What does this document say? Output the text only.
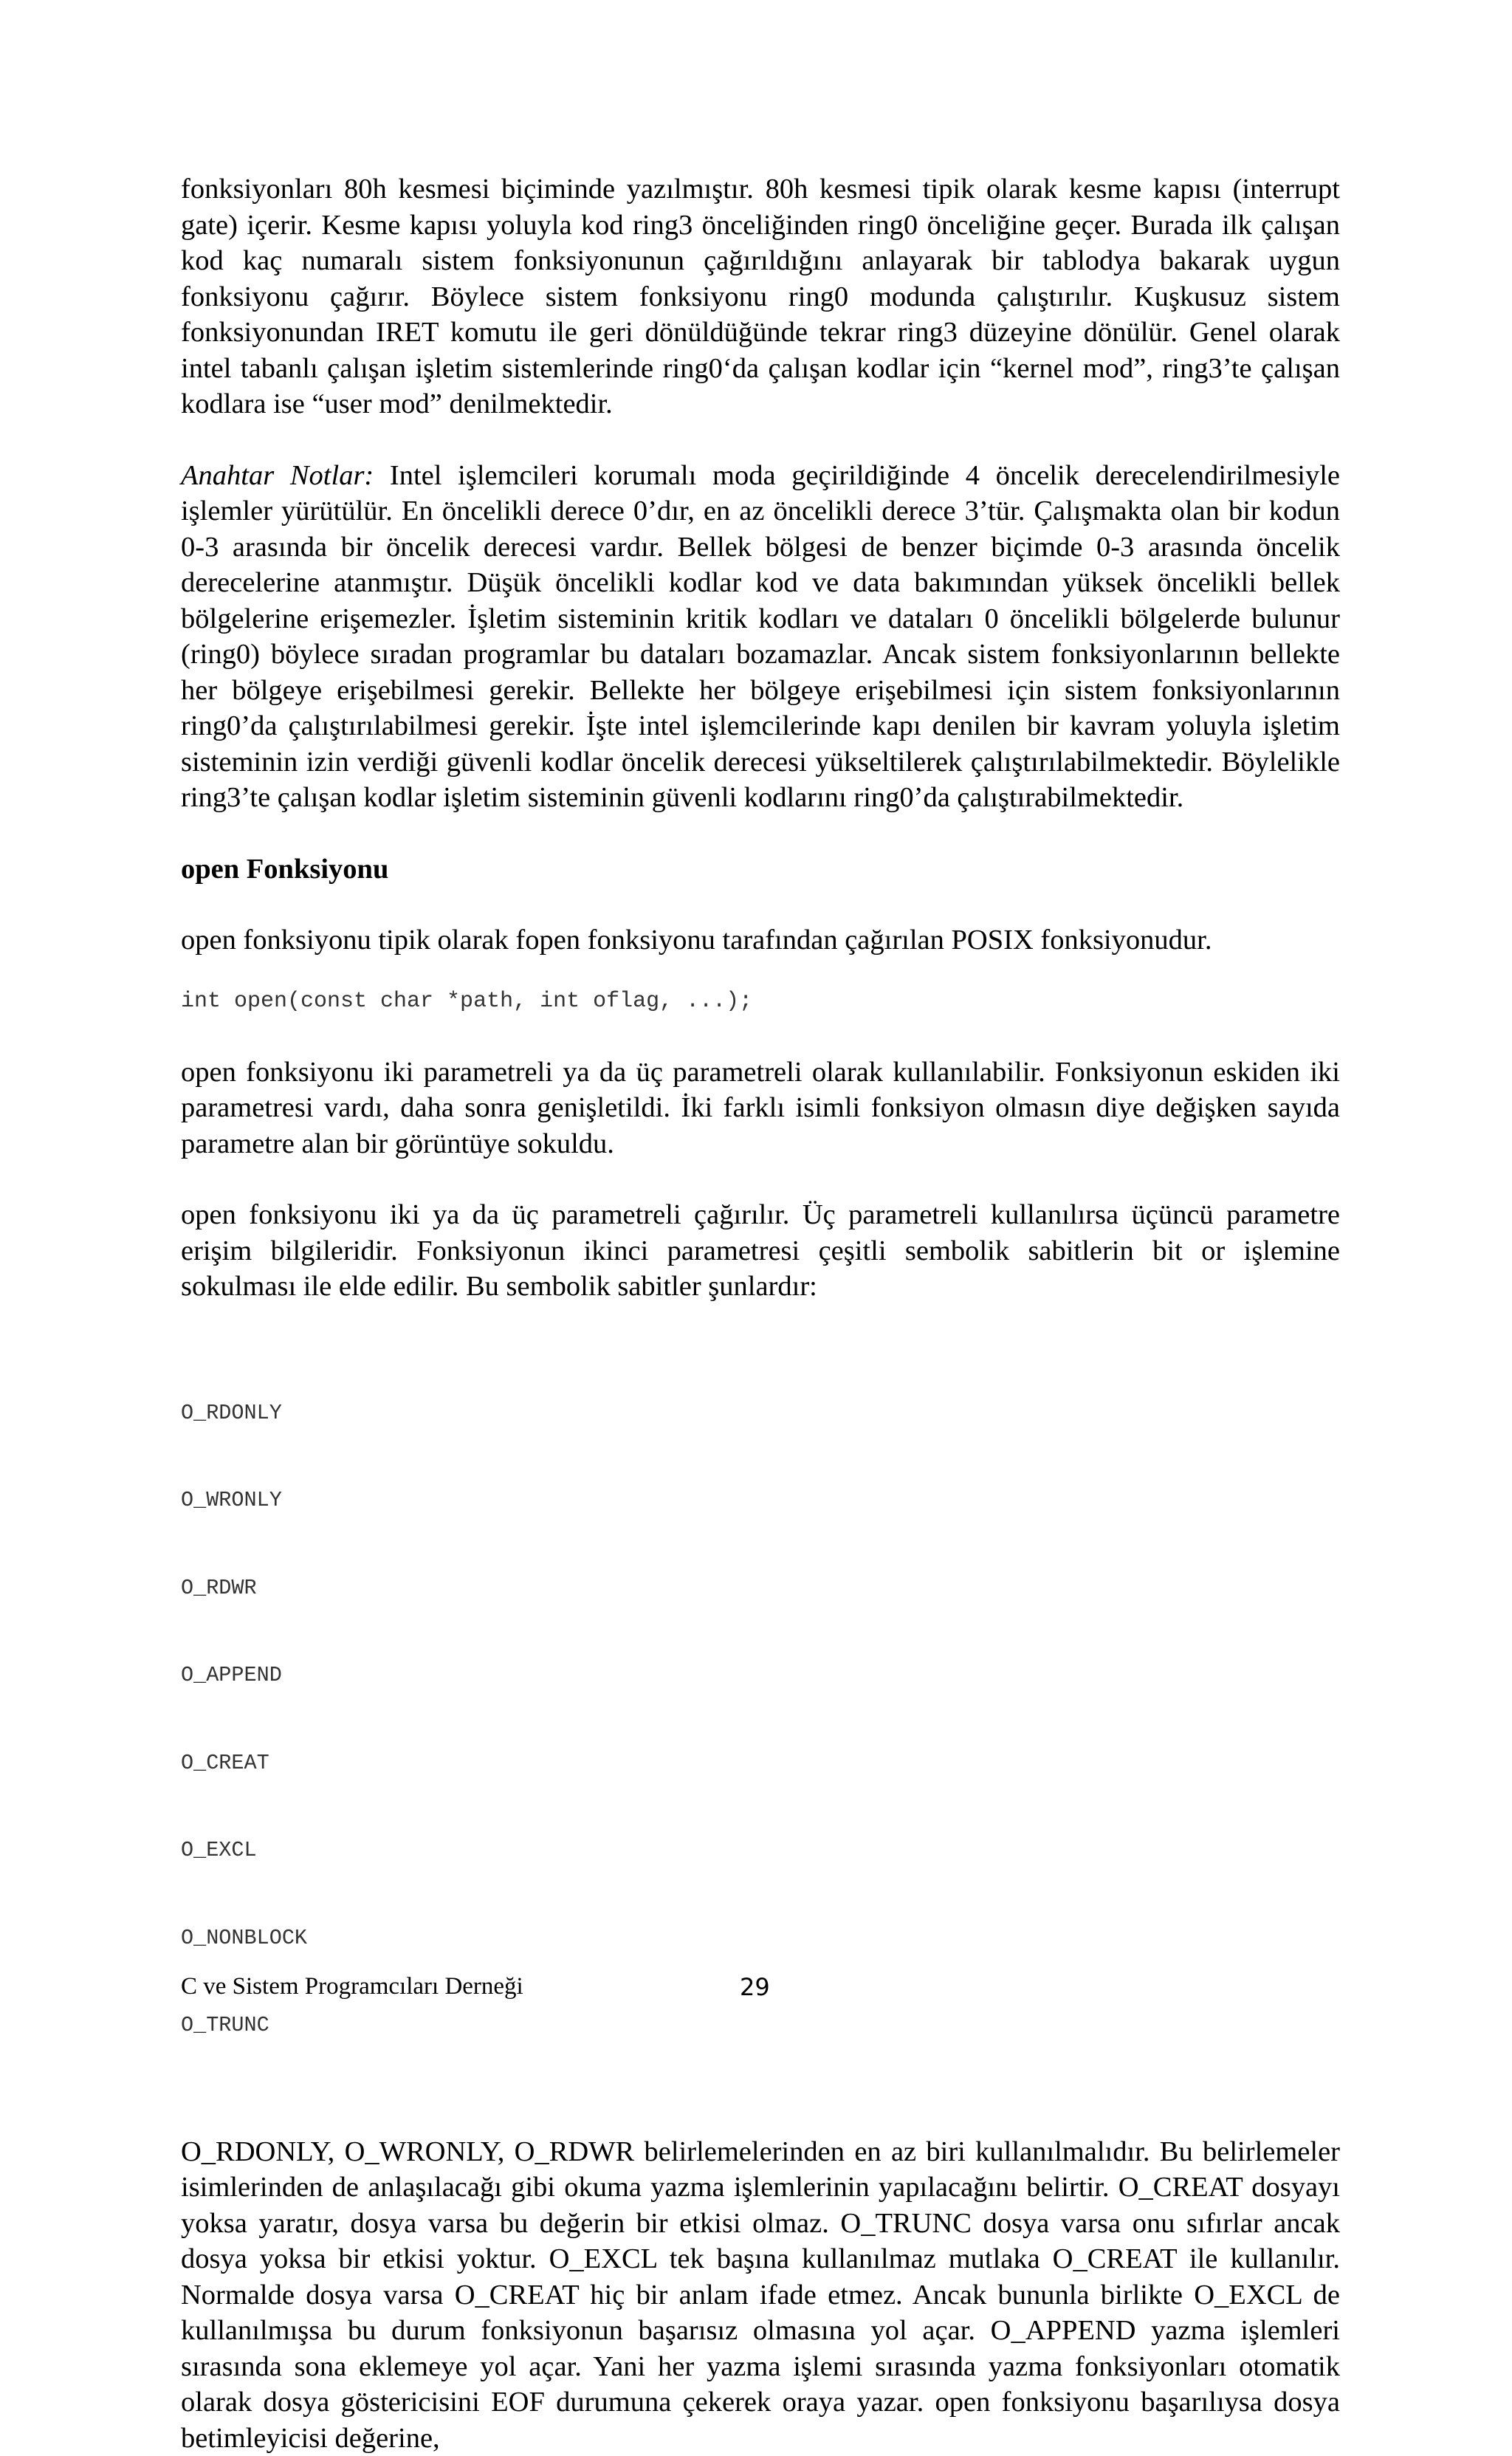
fonksiyonları 80h kesmesi biçiminde yazılmıştır. 80h kesmesi tipik olarak kesme kapısı (interrupt gate) içerir. Kesme kapısı yoluyla kod ring3 önceliğinden ring0 önceliğine geçer. Burada ilk çalışan kod kaç numaralı sistem fonksiyonunun çağırıldığını anlayarak bir tablodya bakarak uygun fonksiyonu çağırır. Böylece sistem fonksiyonu ring0 modunda çalıştırılır. Kuşkusuz sistem fonksiyonundan IRET komutu ile geri dönüldüğünde tekrar ring3 düzeyine dönülür. Genel olarak intel tabanlı çalışan işletim sistemlerinde ring0‘da çalışan kodlar için “kernel mod”, ring3’te çalışan kodlara ise “user mod” denilmektedir.

Anahtar Notlar: Intel işlemcileri korumalı moda geçirildiğinde 4 öncelik derecelendirilmesiyle işlemler yürütülür. En öncelikli derece 0’dır, en az öncelikli derece 3’tür. Çalışmakta olan bir kodun 0-3 arasında bir öncelik derecesi vardır. Bellek bölgesi de benzer biçimde 0-3 arasında öncelik derecelerine atanmıştır. Düşük öncelikli kodlar kod ve data bakımından yüksek öncelikli bellek bölgelerine erişemezler. İşletim sisteminin kritik kodları ve dataları 0 öncelikli bölgelerde bulunur (ring0) böylece sıradan programlar bu dataları bozamazlar. Ancak sistem fonksiyonlarının bellekte her bölgeye erişebilmesi gerekir. Bellekte her bölgeye erişebilmesi için sistem fonksiyonlarının ring0’da çalıştırılabilmesi gerekir. İşte intel işlemcilerinde kapı denilen bir kavram yoluyla işletim sisteminin izin verdiği güvenli kodlar öncelik derecesi yükseltilerek çalıştırılabilmektedir. Böylelikle ring3’te çalışan kodlar işletim sisteminin güvenli kodlarını ring0’da çalıştırabilmektedir.

open Fonksiyonu

open fonksiyonu tipik olarak fopen fonksiyonu tarafından çağırılan POSIX fonksiyonudur.

int open(const char *path, int oflag, ...);

open fonksiyonu iki parametreli ya da üç parametreli olarak kullanılabilir. Fonksiyonun eskiden iki parametresi vardı, daha sonra genişletildi. İki farklı isimli fonksiyon olmasın diye değişken sayıda parametre alan bir görüntüye sokuldu.

open fonksiyonu iki ya da üç parametreli çağırılır. Üç parametreli kullanılırsa üçüncü parametre erişim bilgileridir. Fonksiyonun ikinci parametresi çeşitli sembolik sabitlerin bit or işlemine sokulması ile elde edilir. Bu sembolik sabitler şunlardır:

O_RDONLY

O_WRONLY

O_RDWR

O_APPEND

O_CREAT

O_EXCL

O_NONBLOCK

O_TRUNC

O_RDONLY, O_WRONLY, O_RDWR belirlemelerinden en az biri kullanılmalıdır. Bu belirlemeler isimlerinden de anlaşılacağı gibi okuma yazma işlemlerinin yapılacağını belirtir. O_CREAT dosyayı yoksa yaratır, dosya varsa bu değerin bir etkisi olmaz. O_TRUNC dosya varsa onu sıfırlar ancak dosya yoksa bir etkisi yoktur. O_EXCL tek başına kullanılmaz mutlaka O_CREAT ile kullanılır. Normalde dosya varsa O_CREAT hiç bir anlam ifade etmez. Ancak bununla birlikte O_EXCL de kullanılmışsa bu durum fonksiyonun başarısız olmasına yol açar. O_APPEND yazma işlemleri sırasında sona eklemeye yol açar. Yani her yazma işlemi sırasında yazma fonksiyonları otomatik olarak dosya göstericisini EOF durumuna çekerek oraya yazar. open fonksiyonu başarılıysa dosya betimleyicisi değerine,

C ve Sistem Programcıları Derneği	29
